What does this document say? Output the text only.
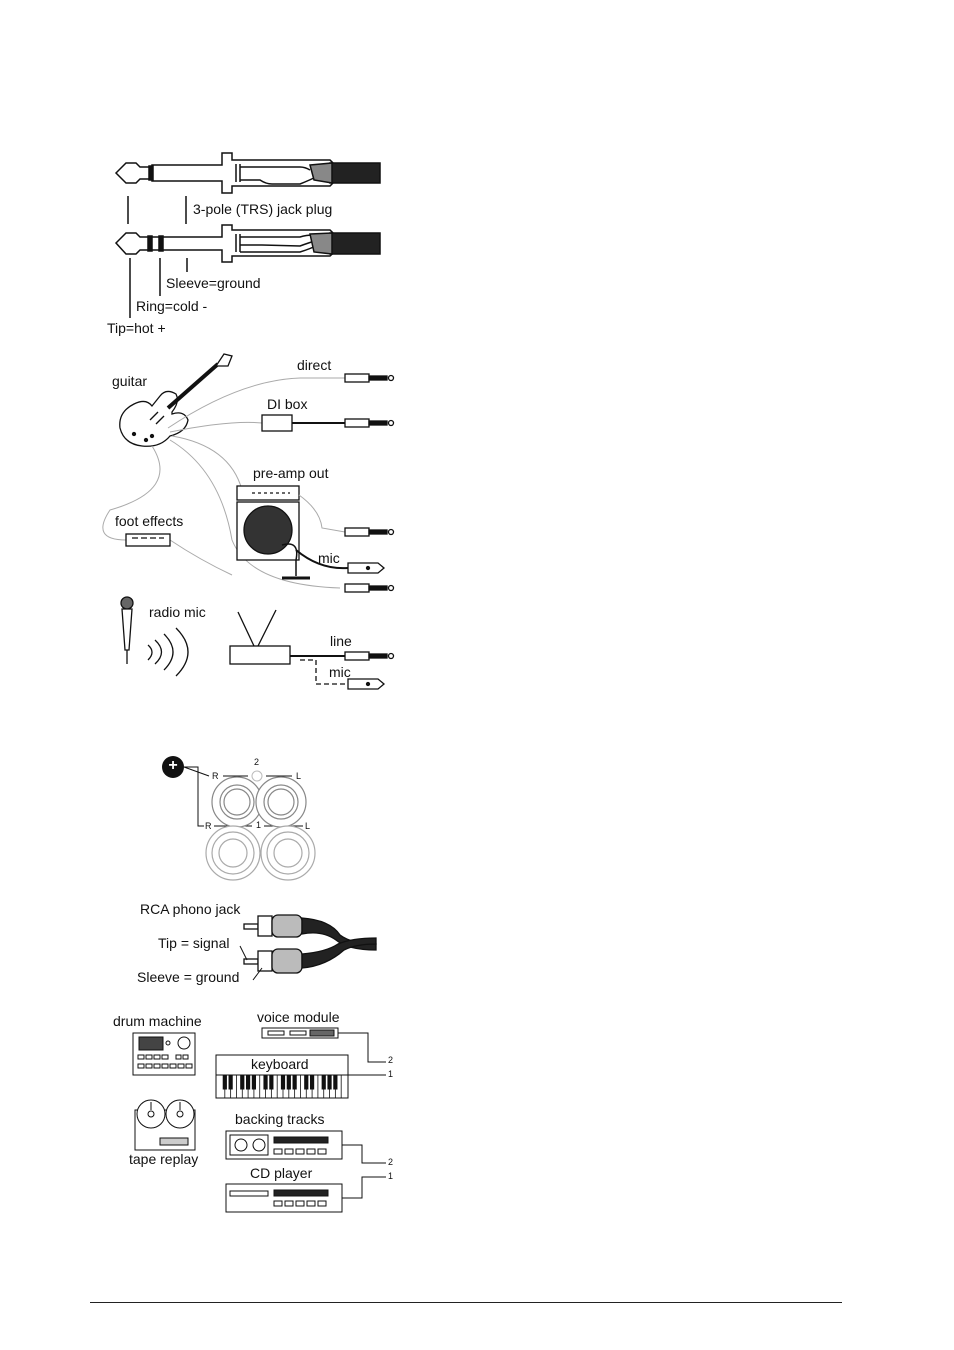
3-pole (TRS) jack plug
Sleeve=ground
Ring=cold -
Tip=hot +
guitar
direct
DI box
pre-amp out
foot effects
mic
radio mic
line
mic
+	2
R	L
1
R	L
RCA phono jack
Tip = signal
Sleeve = ground
drum machine	voice module
keyboard
tape replay
backing tracks
CD player
2
1
2
1
